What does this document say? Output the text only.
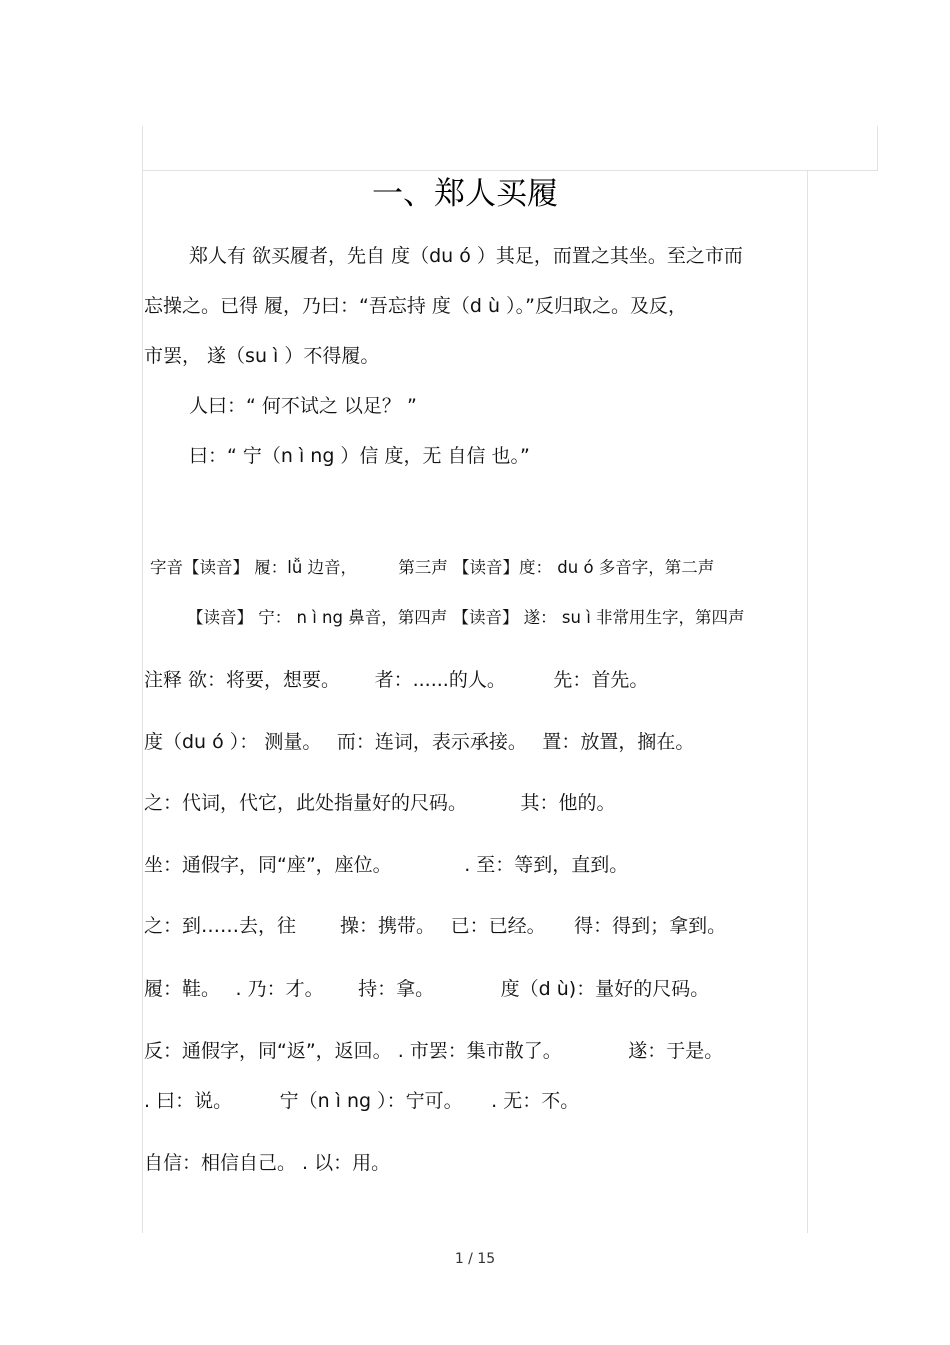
一、郑人买履
郑人有 欲买履者，先自 度（du ó ）其足，而置之其坐。至之市而
忘操之。已得 履，乃曰：“吾忘持 度（d ù ）。”反归取之。及反，
市罢， 遂（su ì ）不得履。
人曰：“ 何不试之 以足？ ”
曰：“ 宁（n ì ng ）信 度，无 自信 也。”
字音【读音】 履：lǚ 边音，　　　第三声 【读音】度： du ó 多音字，第二声
【读音】 宁： n ì ng 鼻音，第四声 【读音】 遂： su ì 非常用生字，第四声
注释 欲：将要，想要。　　 者：......的人。　　　先：首先。
度（du ó ）： 测量。　 而：连词，表示承接。　 置：放置，搁在。
之：代词，代它，此处指量好的尺码。　　　 其：他的。
坐：通假字，同“座”，座位。　　　　 . 至：等到，直到。
之：到……去，往　　 操：携带。　 已：已经。　　得：得到；拿到。
履：鞋。　 . 乃：才。　　 持：拿。　　　　度（d ù)：量好的尺码。
反：通假字，同“返”，返回。 . 市罢：集市散了。　　　　遂：于是。
. 曰：说。　　　宁（n ì ng ）：宁可。　　. 无：不。
自信：相信自己。 . 以：用。
1 / 15
